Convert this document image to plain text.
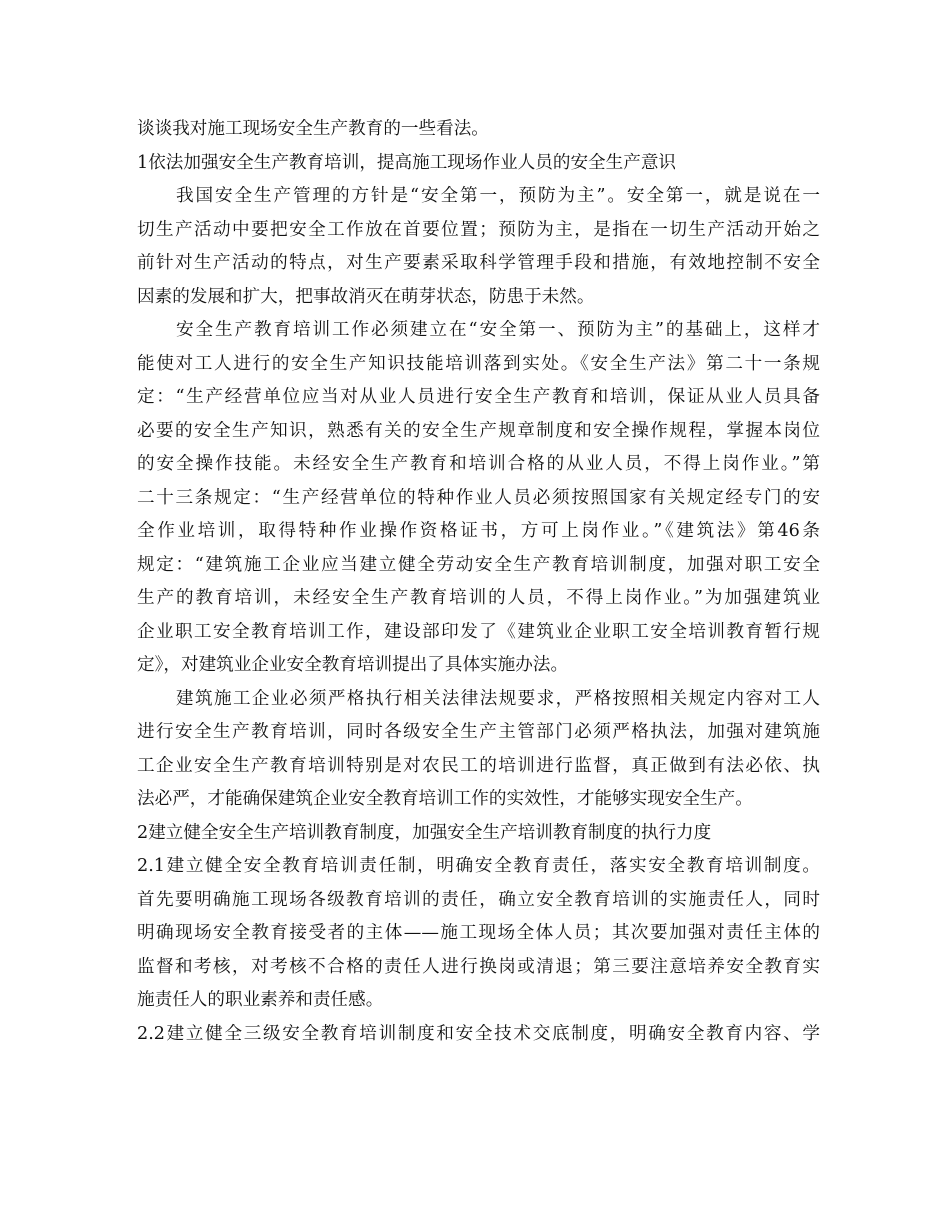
谈谈我对施工现场安全生产教育的一些看法。
1依法加强安全生产教育培训，提高施工现场作业人员的安全生产意识
我国安全生产管理的方针是“安全第一，预防为主”。安全第一，就是说在一
切生产活动中要把安全工作放在首要位置；预防为主，是指在一切生产活动开始之
前针对生产活动的特点，对生产要素采取科学管理手段和措施，有效地控制不安全
因素的发展和扩大，把事故消灭在萌芽状态，防患于未然。
安全生产教育培训工作必须建立在“安全第一、预防为主”的基础上，这样才
能使对工人进行的安全生产知识技能培训落到实处。《安全生产法》第二十一条规
定：“生产经营单位应当对从业人员进行安全生产教育和培训，保证从业人员具备
必要的安全生产知识，熟悉有关的安全生产规章制度和安全操作规程，掌握本岗位
的安全操作技能。未经安全生产教育和培训合格的从业人员，不得上岗作业。”第
二十三条规定：“生产经营单位的特种作业人员必须按照国家有关规定经专门的安
全作业培训，取得特种作业操作资格证书，方可上岗作业。”《建筑法》第46条
规定：“建筑施工企业应当建立健全劳动安全生产教育培训制度，加强对职工安全
生产的教育培训，未经安全生产教育培训的人员，不得上岗作业。”为加强建筑业
企业职工安全教育培训工作，建设部印发了《建筑业企业职工安全培训教育暂行规
定》，对建筑业企业安全教育培训提出了具体实施办法。
建筑施工企业必须严格执行相关法律法规要求，严格按照相关规定内容对工人
进行安全生产教育培训，同时各级安全生产主管部门必须严格执法，加强对建筑施
工企业安全生产教育培训特别是对农民工的培训进行监督，真正做到有法必依、执
法必严，才能确保建筑企业安全教育培训工作的实效性，才能够实现安全生产。
2建立健全安全生产培训教育制度，加强安全生产培训教育制度的执行力度
2.1建立健全安全教育培训责任制，明确安全教育责任，落实安全教育培训制度。
首先要明确施工现场各级教育培训的责任，确立安全教育培训的实施责任人，同时
明确现场安全教育接受者的主体——施工现场全体人员；其次要加强对责任主体的
监督和考核，对考核不合格的责任人进行换岗或清退；第三要注意培养安全教育实
施责任人的职业素养和责任感。
2.2建立健全三级安全教育培训制度和安全技术交底制度，明确安全教育内容、学
